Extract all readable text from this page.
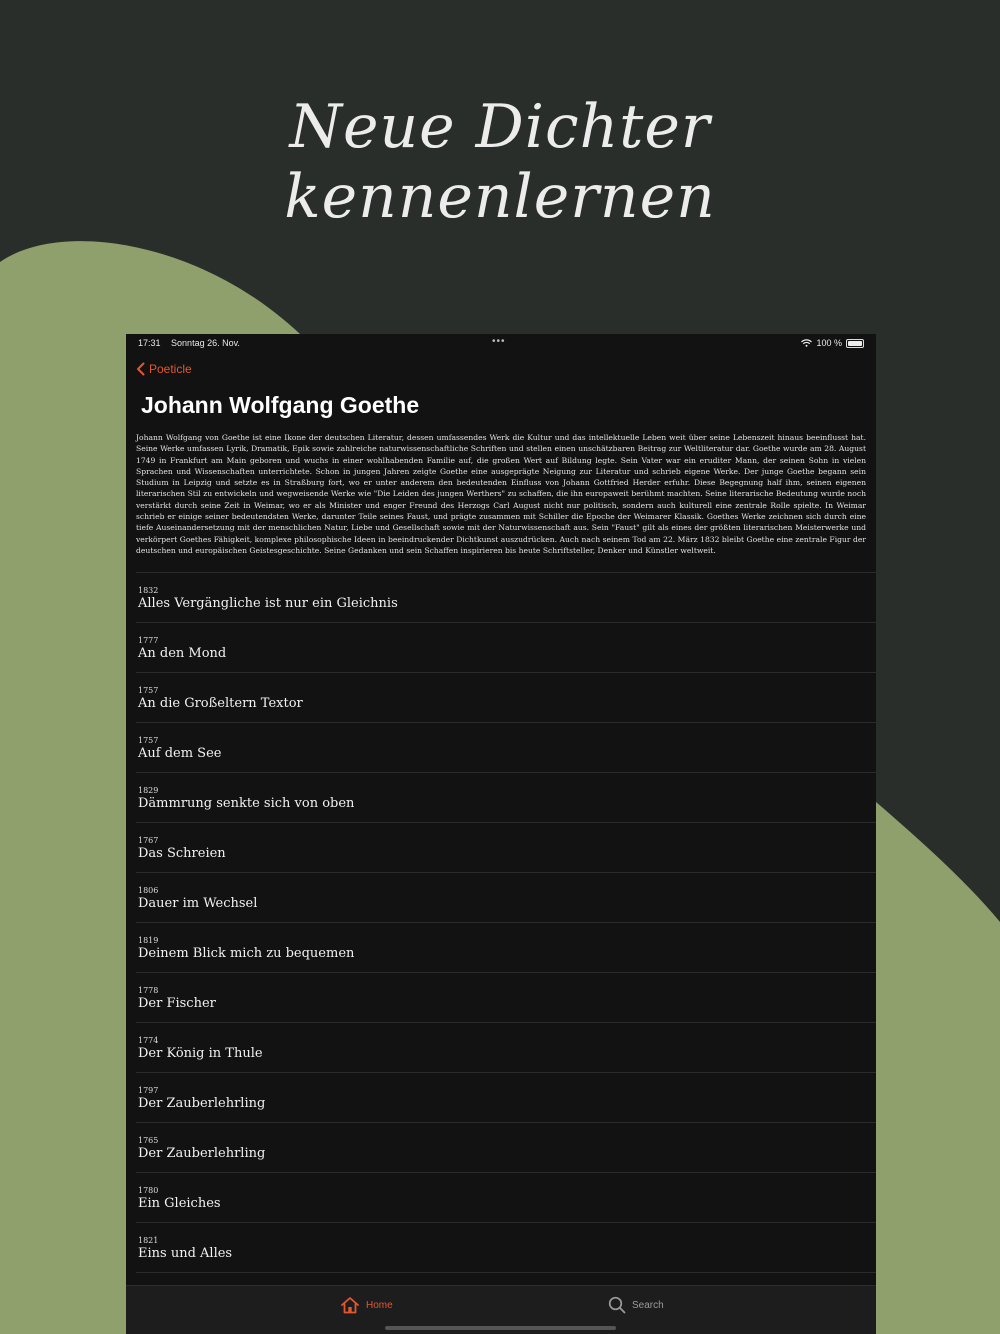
Neue Dichter
kennenlernen
17:31 Sonntag 26. Nov.	•••	100 %
Poeticle
Johann Wolfgang Goethe

Johann Wolfgang von Goethe ist eine Ikone der deutschen Literatur, dessen umfassendes Werk die Kultur und das intellektuelle Leben weit über seine Lebenszeit hinaus beeinflusst hat. Seine Werke umfassen Lyrik, Dramatik, Epik sowie zahlreiche naturwissenschaftliche Schriften und stellen einen unschätzbaren Beitrag zur Weltliteratur dar. Goethe wurde am 28. August 1749 in Frankfurt am Main geboren und wuchs in einer wohlhabenden Familie auf, die großen Wert auf Bildung legte. Sein Vater war ein eruditer Mann, der seinen Sohn in vielen Sprachen und Wissenschaften unterrichtete. Schon in jungen Jahren zeigte Goethe eine ausgeprägte Neigung zur Literatur und schrieb eigene Werke. Der junge Goethe begann sein Studium in Leipzig und setzte es in Straßburg fort, wo er unter anderem den bedeutenden Einfluss von Johann Gottfried Herder erfuhr. Diese Begegnung half ihm, seinen eigenen literarischen Stil zu entwickeln und wegweisende Werke wie "Die Leiden des jungen Werthers" zu schaffen, die ihn europaweit berühmt machten. Seine literarische Bedeutung wurde noch verstärkt durch seine Zeit in Weimar, wo er als Minister und enger Freund des Herzogs Carl August nicht nur politisch, sondern auch kulturell eine zentrale Rolle spielte. In Weimar schrieb er einige seiner bedeutendsten Werke, darunter Teile seines Faust, und prägte zusammen mit Schiller die Epoche der Weimarer Klassik. Goethes Werke zeichnen sich durch eine tiefe Auseinandersetzung mit der menschlichen Natur, Liebe und Gesellschaft sowie mit der Naturwissenschaft aus. Sein "Faust" gilt als eines der größten literarischen Meisterwerke und verkörpert Goethes Fähigkeit, komplexe philosophische Ideen in beeindruckender Dichtkunst auszudrücken. Auch nach seinem Tod am 22. März 1832 bleibt Goethe eine zentrale Figur der deutschen und europäischen Geistesgeschichte. Seine Gedanken und sein Schaffen inspirieren bis heute Schriftsteller, Denker und Künstler weltweit.

1832
Alles Vergängliche ist nur ein Gleichnis
1777
An den Mond
1757
An die Großeltern Textor
1757
Auf dem See
1829
Dämmrung senkte sich von oben
1767
Das Schreien
1806
Dauer im Wechsel
1819
Deinem Blick mich zu bequemen
1778
Der Fischer
1774
Der König in Thule
1797
Der Zauberlehrling
1765
Der Zauberlehrling
1780
Ein Gleiches
1821
Eins und Alles
Home	Search
